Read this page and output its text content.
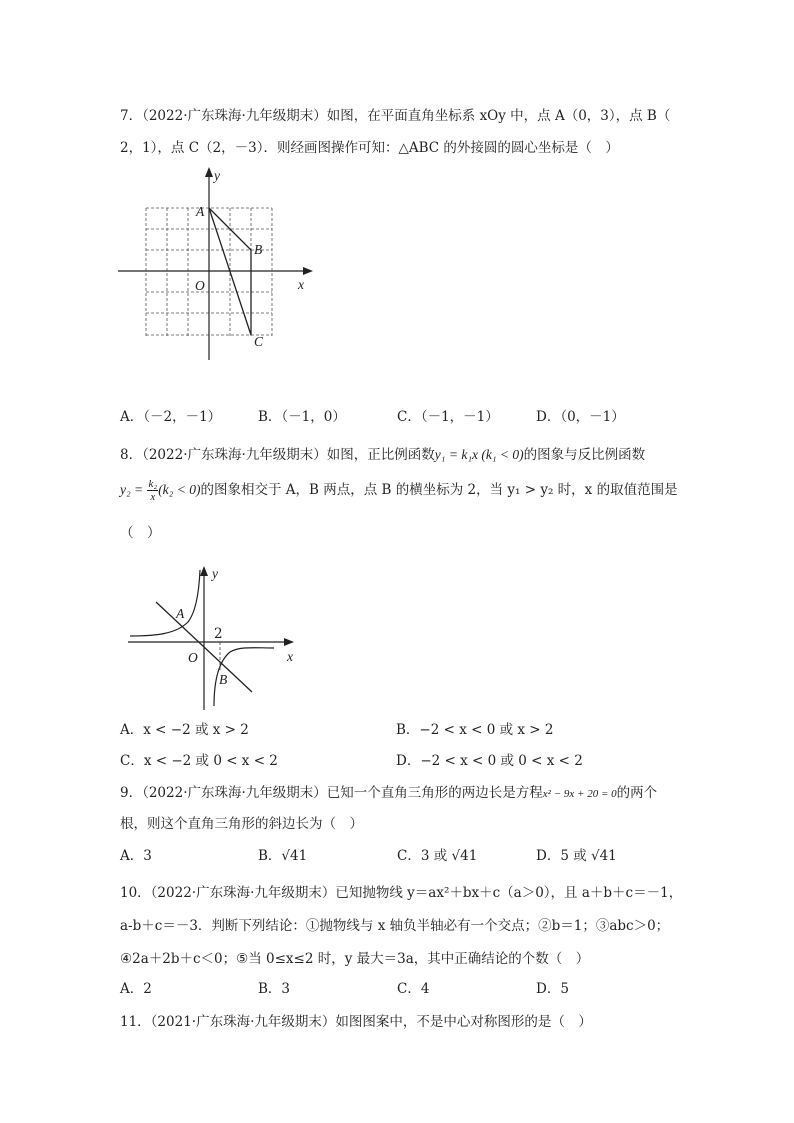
7．（2022·广东珠海·九年级期末）如图，在平面直角坐标系 xOy 中，点 A（0，3），点 B（
2，1），点 C（2，－3）．则经画图操作可知：△ABC 的外接圆的圆心坐标是（　）
y
x
O
A
B
C
A．（－2，－1）	B．（－1，0）	C．（－1，－1）	D．（0，－1）
8．（2022·广东珠海·九年级期末）如图，正比例函数y₁ = k₁x (k₁ < 0)的图象与反比例函数
$y_2 = \frac{\text{k₂}}{x} (k_2 < 0)$的图象相交于 A，B 两点，点 B 的横坐标为 2，当 y₁ > y₂ 时，x 的取值范围是
（　）
y
x
O
2
A
B
A．x < −2 或 x > 2	B．−2 < x < 0 或 x > 2
C．x < −2 或 0 < x < 2	D．−2 < x < 0 或 0 < x < 2
9．（2022·广东珠海·九年级期末）已知一个直角三角形的两边长是方程x² − 9x + 20 = 0的两个
根，则这个直角三角形的斜边长为（　）
A．3	B．√41	C．3 或 √41	D．5 或 √41
10．（2022·广东珠海·九年级期末）已知抛物线 y＝ax²＋bx＋c（a＞0），且 a＋b＋c＝－1，
a-b＋c＝－3．判断下列结论：①抛物线与 x 轴负半轴必有一个交点；②b＝1；③abc＞0；
④2a＋2b＋c＜0；⑤当 0≤x≤2 时，y 最大＝3a，其中正确结论的个数（　）
A．2	B．3	C．4	D．5
11．（2021·广东珠海·九年级期末）如图图案中，不是中心对称图形的是（　）
